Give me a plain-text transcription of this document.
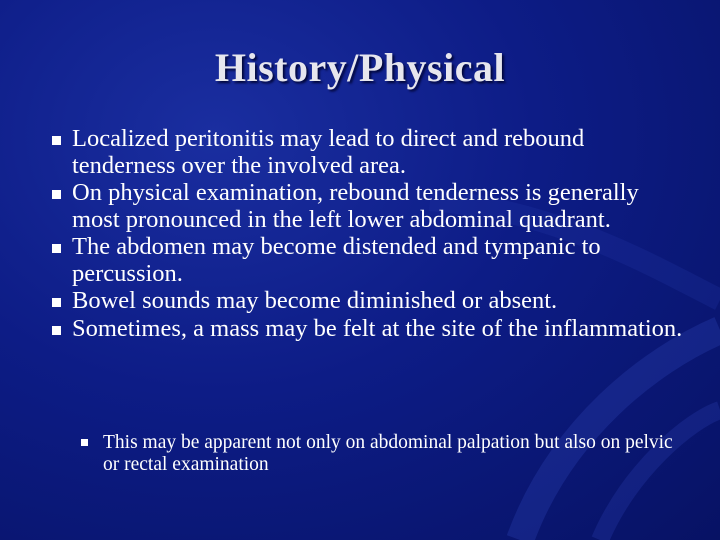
History/Physical
Localized peritonitis may lead to direct and rebound tenderness over the involved area.
On physical examination, rebound tenderness is generally most pronounced in the left lower abdominal quadrant.
The abdomen may become distended and tympanic to percussion.
Bowel sounds may become diminished or absent.
Sometimes, a mass may be felt at the site of the inflammation.
This may be apparent not only on abdominal palpation but also on pelvic or rectal examination
